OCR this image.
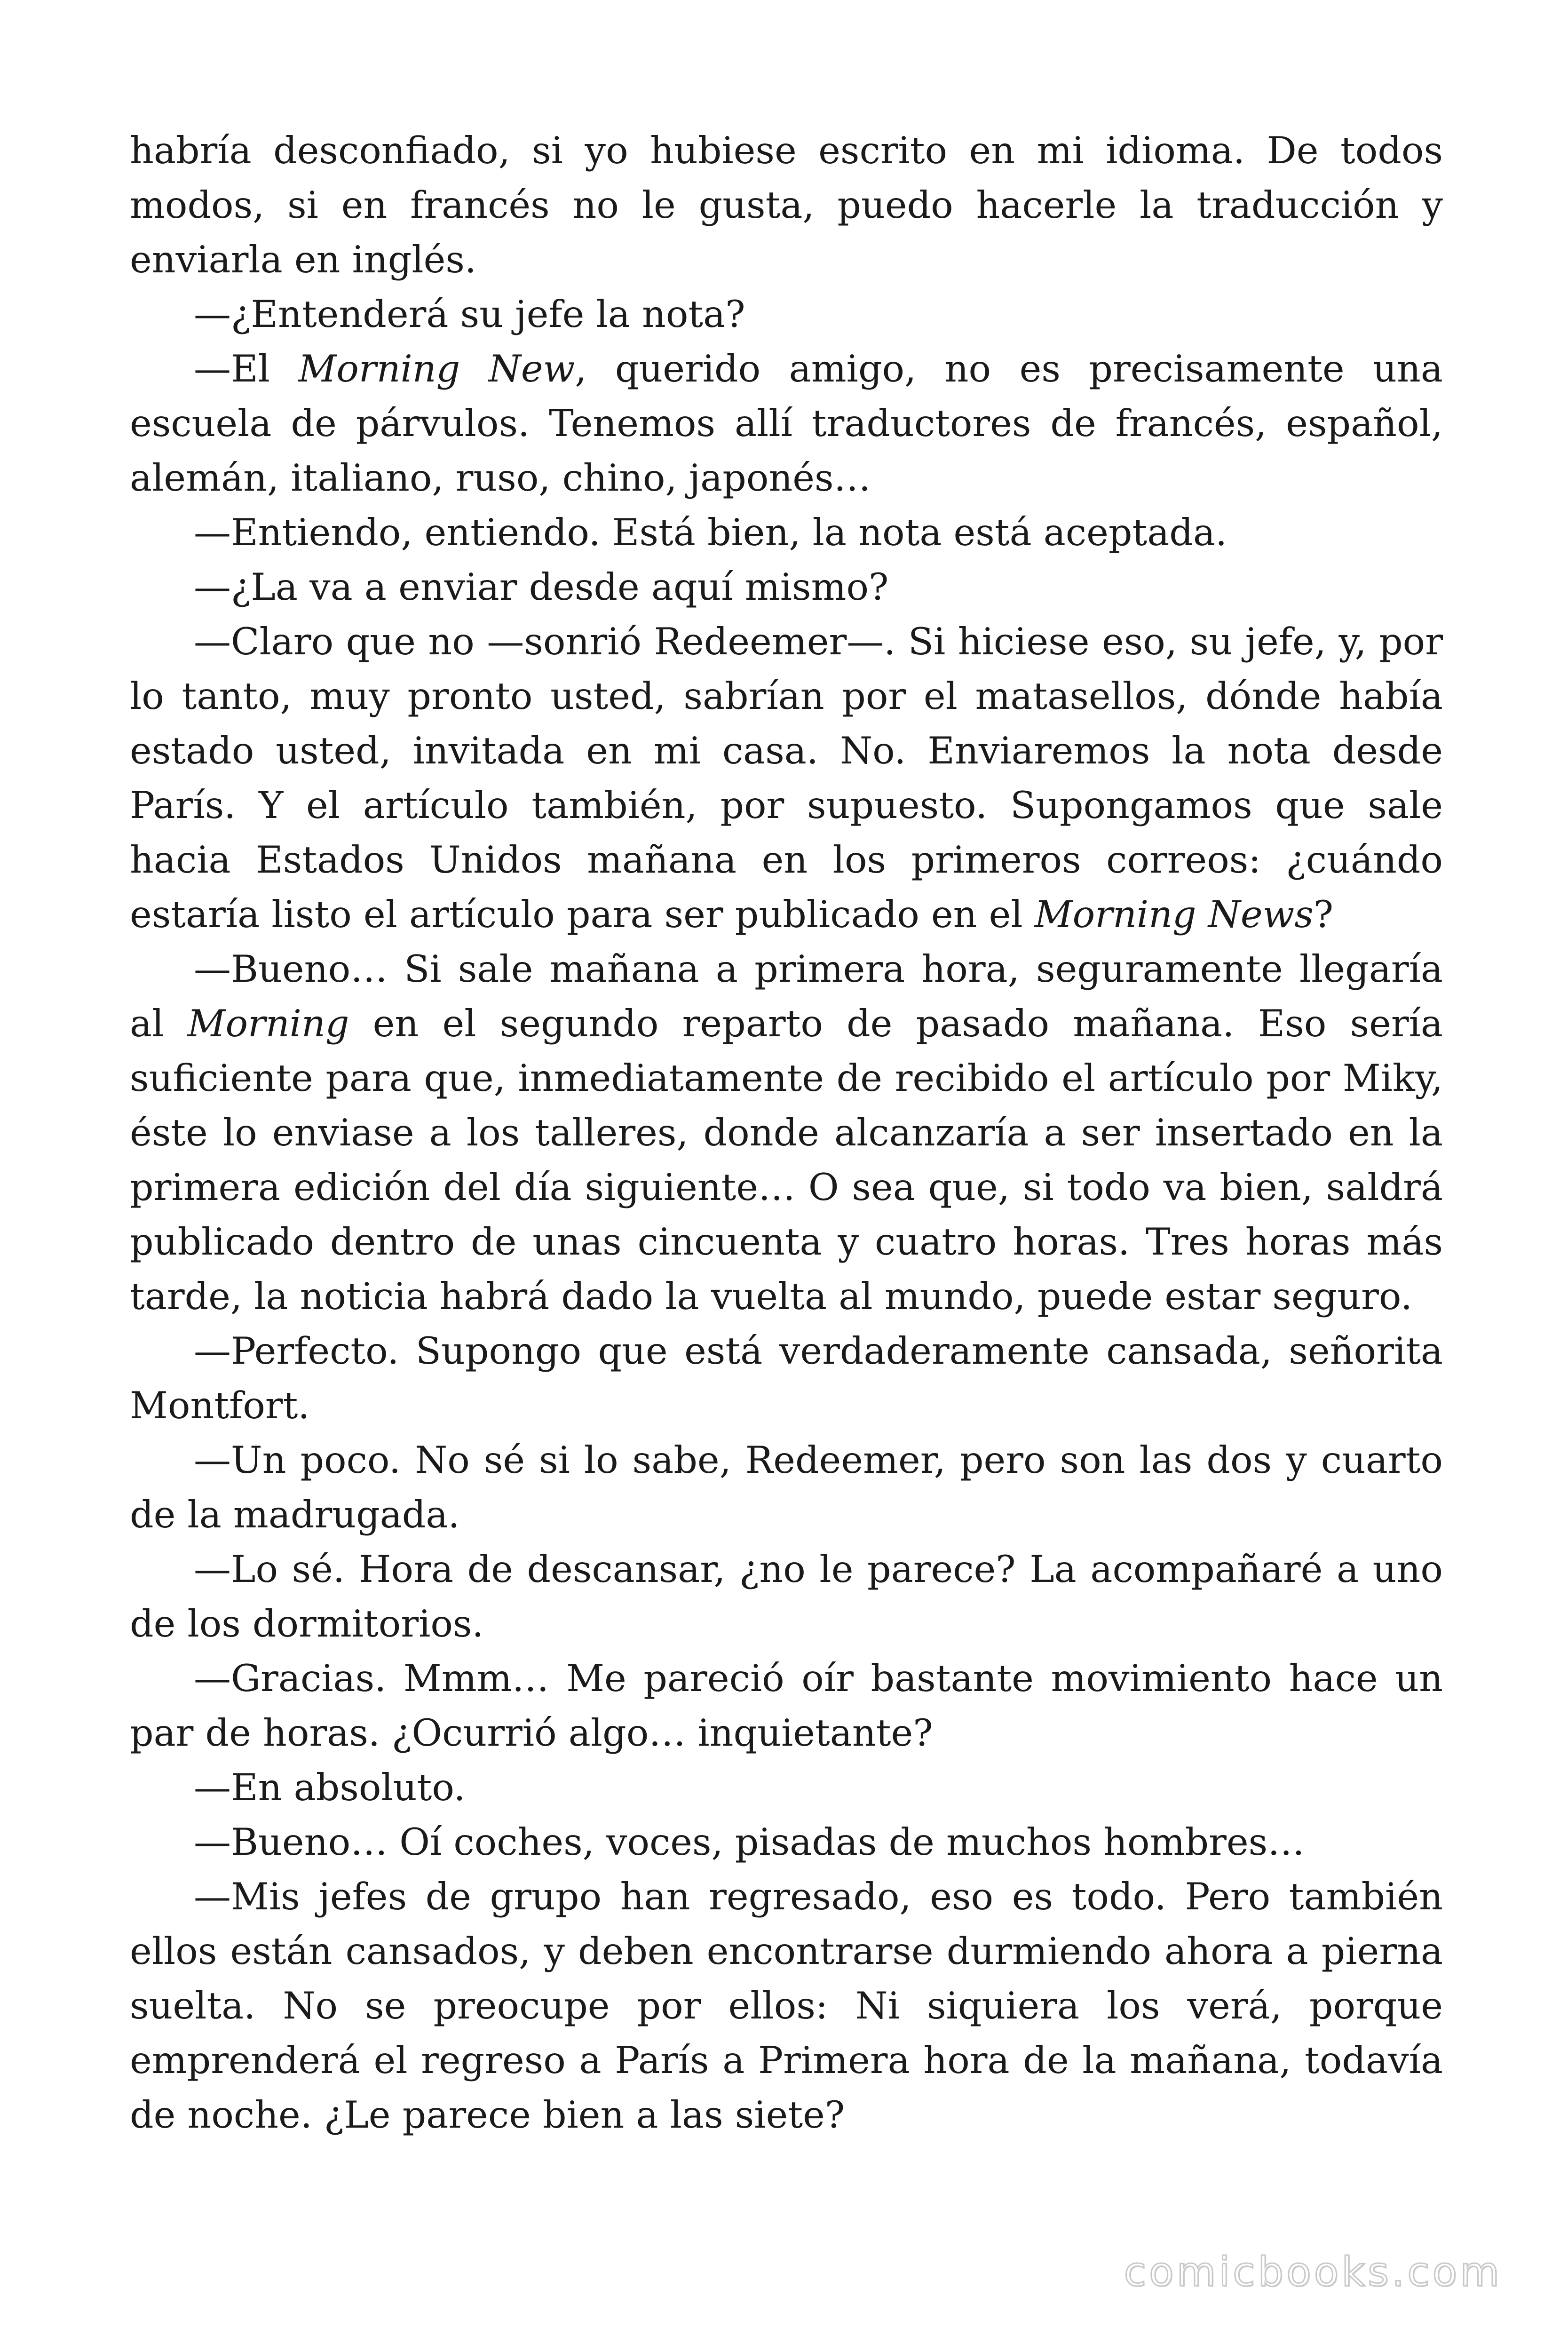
habría desconfiado, si yo hubiese escrito en mi idioma. De todos modos, si en francés no le gusta, puedo hacerle la traducción y enviarla en inglés.

—¿Entenderá su jefe la nota?

—El Morning New, querido amigo, no es precisamente una escuela de párvulos. Tenemos allí traductores de francés, español, alemán, italiano, ruso, chino, japonés…

—Entiendo, entiendo. Está bien, la nota está aceptada.

—¿La va a enviar desde aquí mismo?

—Claro que no —sonrió Redeemer—. Si hiciese eso, su jefe, y, por lo tanto, muy pronto usted, sabrían por el matasellos, dónde había estado usted, invitada en mi casa. No. Enviaremos la nota desde París. Y el artículo también, por supuesto. Supongamos que sale hacia Estados Unidos mañana en los primeros correos: ¿cuándo estaría listo el artículo para ser publicado en el Morning News?

—Bueno… Si sale mañana a primera hora, seguramente llegaría al Morning en el segundo reparto de pasado mañana. Eso sería suficiente para que, inmediatamente de recibido el artículo por Miky, éste lo enviase a los talleres, donde alcanzaría a ser insertado en la primera edición del día siguiente… O sea que, si todo va bien, saldrá publicado dentro de unas cincuenta y cuatro horas. Tres horas más tarde, la noticia habrá dado la vuelta al mundo, puede estar seguro.

—Perfecto. Supongo que está verdaderamente cansada, señorita Montfort.

—Un poco. No sé si lo sabe, Redeemer, pero son las dos y cuarto de la madrugada.

—Lo sé. Hora de descansar, ¿no le parece? La acompañaré a uno de los dormitorios.

—Gracias. Mmm… Me pareció oír bastante movimiento hace un par de horas. ¿Ocurrió algo… inquietante?

—En absoluto.

—Bueno… Oí coches, voces, pisadas de muchos hombres…

—Mis jefes de grupo han regresado, eso es todo. Pero también ellos están cansados, y deben encontrarse durmiendo ahora a pierna suelta. No se preocupe por ellos: Ni siquiera los verá, porque emprenderá el regreso a París a Primera hora de la mañana, todavía de noche. ¿Le parece bien a las siete?

comicbooks.com
